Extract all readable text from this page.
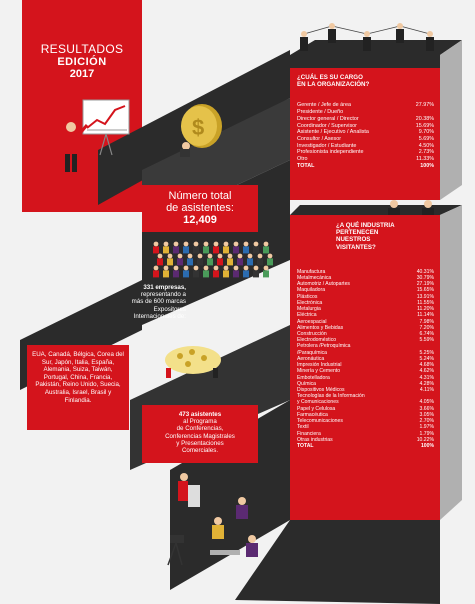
RESULTADOS
EDICIÓN
2017
$
Número total
de asistentes:
12,409
331 empresas,
representando a
más de 600 marcas
Expositores
Internacionales de:
EUA, Canadá, Bélgica, Corea del Sur, Japón, Italia, España, Alemania, Suiza, Taiwán, Portugal, China, Francia, Pakistán, Reino Unido, Suecia, Australia, Israel, Brasil y Finlandia.
473 asistentes
al Programa
de Conferencias,
Conferencias Magistrales
y Presentaciones
Comerciales.
¿CUÁL ES SU CARGO
EN LA ORGANIZACIÓN?
Gerente / Jefe de área	27.97%
Presidente / Dueño
Director general / Director	20.38%
Coordinador / Supervisor	15.69%
Asistente / Ejecutivo / Analista	9.70%
Consultor / Asesor	5.69%
Investigador / Estudiante	4.50%
Profesionista independiente	2.73%
Otro	11.33%
TOTAL	100%
¿A QUÉ INDUSTRIA
PERTENECEN
NUESTROS
VISITANTES?
Manufactura	40.31%
Metalmecánica	30.79%
Automotriz / Autopartes	27.19%
Maquiladora	15.65%
Plásticos	13.91%
Electrónica	11.55%
Metalurgia	11.20%
Eléctrica	11.14%
Aeroespacial	7.98%
Alimentos y Bebidas	7.20%
Construcción	6.74%
Electrodoméstico	5.59%
Petrolera /Petroquímica
/Paraquímica	5.25%
Aeronáutica	5.24%
Impresión Industrial	4.68%
Minería y Cemento	4.62%
Embotelladora	4.31%
Química	4.28%
Dispositivos Médicos	4.11%
Tecnologías de la Información
y Comunicaciones	4.05%
Papel y Celulosa	3.66%
Farmacéutica	3.05%
Telecomunicaciones	2.70%
Textil	1.97%
Financiera	1.79%
Otras industrias	10.22%
TOTAL	100%
